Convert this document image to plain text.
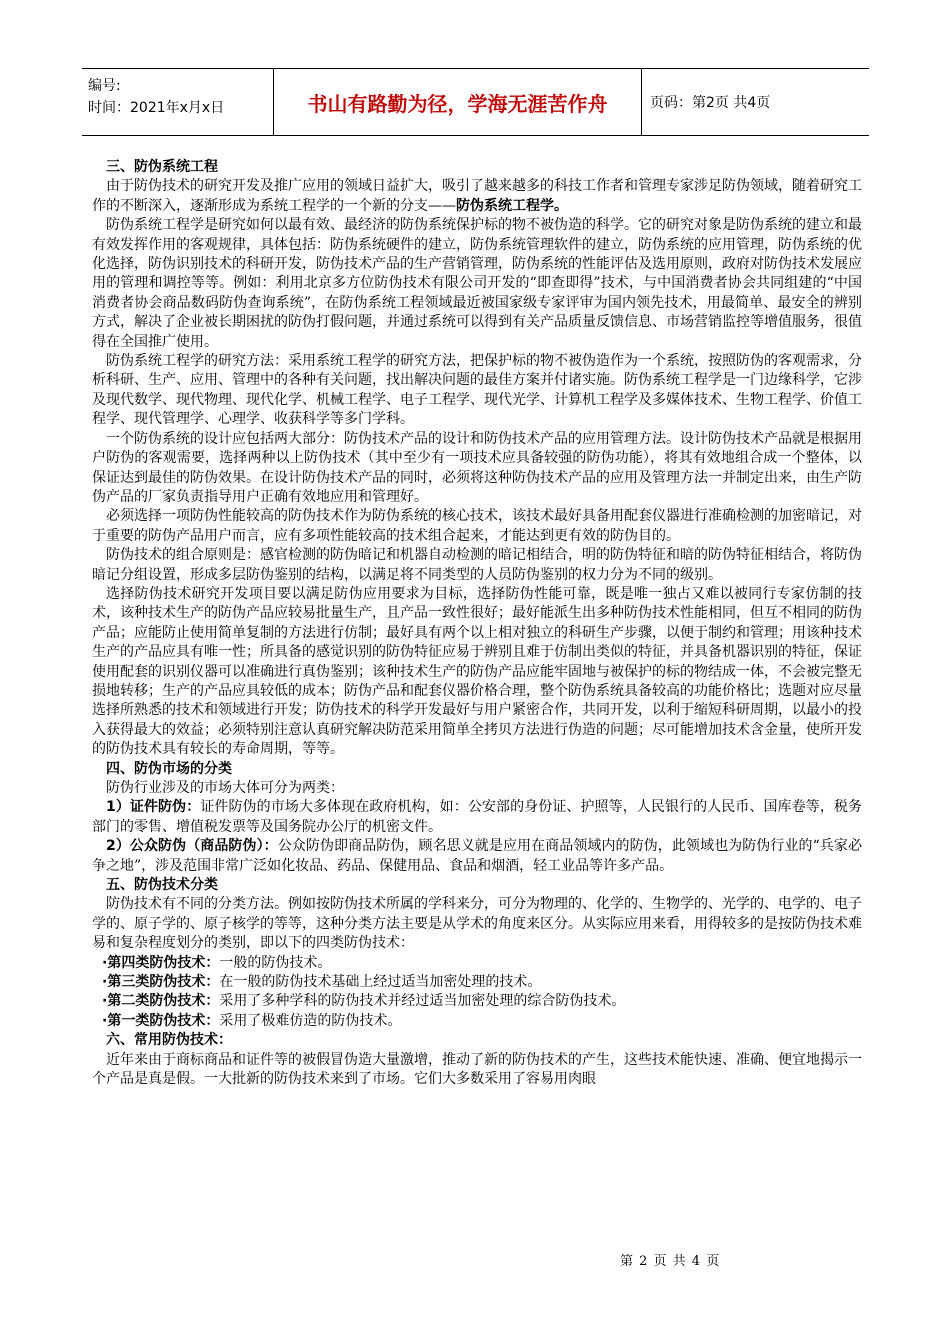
编号:
时间：2021年x月x日	书山有路勤为径，学海无涯苦作舟	页码：第2页 共4页

三、防伪系统工程

由于防伪技术的研究开发及推广应用的领域日益扩大，吸引了越来越多的科技工作者和管理专家涉足防伪领域，随着研究工作的不断深入，逐渐形成为系统工程学的一个新的分支——防伪系统工程学。

防伪系统工程学是研究如何以最有效、最经济的防伪系统保护标的物不被伪造的科学。它的研究对象是防伪系统的建立和最有效发挥作用的客观规律，具体包括：防伪系统硬件的建立，防伪系统管理软件的建立，防伪系统的应用管理，防伪系统的优化选择，防伪识别技术的科研开发，防伪技术产品的生产营销管理，防伪系统的性能评估及选用原则，政府对防伪技术发展应用的管理和调控等等。例如：利用北京多方位防伪技术有限公司开发的“即查即得”技术，与中国消费者协会共同组建的“中国消费者协会商品数码防伪查询系统”，在防伪系统工程领域最近被国家级专家评审为国内领先技术，用最简单、最安全的辨别方式，解决了企业被长期困扰的防伪打假问题，并通过系统可以得到有关产品质量反馈信息、市场营销监控等增值服务，很值得在全国推广使用。

防伪系统工程学的研究方法：采用系统工程学的研究方法，把保护标的物不被伪造作为一个系统，按照防伪的客观需求，分析科研、生产、应用、管理中的各种有关问题，找出解决问题的最佳方案并付诸实施。防伪系统工程学是一门边缘科学，它涉及现代数学、现代物理、现代化学、机械工程学、电子工程学、现代光学、计算机工程学及多媒体技术、生物工程学、价值工程学、现代管理学、心理学、收获科学等多门学科。

一个防伪系统的设计应包括两大部分：防伪技术产品的设计和防伪技术产品的应用管理方法。设计防伪技术产品就是根据用户防伪的客观需要，选择两种以上防伪技术（其中至少有一项技术应具备较强的防伪功能），将其有效地组合成一个整体，以保证达到最佳的防伪效果。在设计防伪技术产品的同时，必须将这种防伪技术产品的应用及管理方法一并制定出来，由生产防伪产品的厂家负责指导用户正确有效地应用和管理好。

必须选择一项防伪性能较高的防伪技术作为防伪系统的核心技术，该技术最好具备用配套仪器进行准确检测的加密暗记，对于重要的防伪产品用户而言，应有多项性能较高的技术组合起来，才能达到更有效的防伪目的。

防伪技术的组合原则是：感官检测的防伪暗记和机器自动检测的暗记相结合，明的防伪特征和暗的防伪特征相结合，将防伪暗记分组设置，形成多层防伪鉴别的结构，以满足将不同类型的人员防伪鉴别的权力分为不同的级别。

选择防伪技术研究开发项目要以满足防伪应用要求为目标，选择防伪性能可靠，既是唯一独占又难以被同行专家仿制的技术，该种技术生产的防伪产品应较易批量生产，且产品一致性很好；最好能派生出多种防伪技术性能相同，但互不相同的防伪产品；应能防止使用简单复制的方法进行仿制；最好具有两个以上相对独立的科研生产步骤，以便于制约和管理；用该种技术生产的产品应具有唯一性；所具备的感觉识别的防伪特征应易于辨别且难于仿制出类似的特征，并具备机器识别的特征，保证使用配套的识别仪器可以准确进行真伪鉴别；该种技术生产的防伪产品应能牢固地与被保护的标的物结成一体，不会被完整无损地转移；生产的产品应具较低的成本；防伪产品和配套仪器价格合理，整个防伪系统具备较高的功能价格比；选题对应尽量选择所熟悉的技术和领域进行开发；防伪技术的科学开发最好与用户紧密合作，共同开发，以利于缩短科研周期，以最小的投入获得最大的效益；必须特别注意认真研究解决防范采用简单全拷贝方法进行伪造的问题；尽可能增加技术含金量，使所开发的防伪技术具有较长的寿命周期，等等。

四、防伪市场的分类

防伪行业涉及的市场大体可分为两类：

1）证件防伪：证件防伪的市场大多体现在政府机构，如：公安部的身份证、护照等，人民银行的人民币、国库卷等，税务部门的零售、增值税发票等及国务院办公厅的机密文件。

2）公众防伪（商品防伪）：公众防伪即商品防伪，顾名思义就是应用在商品领域内的防伪，此领域也为防伪行业的“兵家必争之地”，涉及范围非常广泛如化妆品、药品、保健用品、食品和烟酒，轻工业品等许多产品。

五、防伪技术分类

防伪技术有不同的分类方法。例如按防伪技术所属的学科来分，可分为物理的、化学的、生物学的、光学的、电学的、电子学的、原子学的、原子核学的等等，这种分类方法主要是从学术的角度来区分。从实际应用来看，用得较多的是按防伪技术难易和复杂程度划分的类别，即以下的四类防伪技术：

·第四类防伪技术：一般的防伪技术。

·第三类防伪技术：在一般的防伪技术基础上经过适当加密处理的技术。

·第二类防伪技术：采用了多种学科的防伪技术并经过适当加密处理的综合防伪技术。

·第一类防伪技术：采用了极难仿造的防伪技术。

六、常用防伪技术：

近年来由于商标商品和证件等的被假冒伪造大量激增，推动了新的防伪技术的产生，这些技术能快速、准确、便宜地揭示一个产品是真是假。一大批新的防伪技术来到了市场。它们大多数采用了容易用肉眼

第 2 页 共 4 页
